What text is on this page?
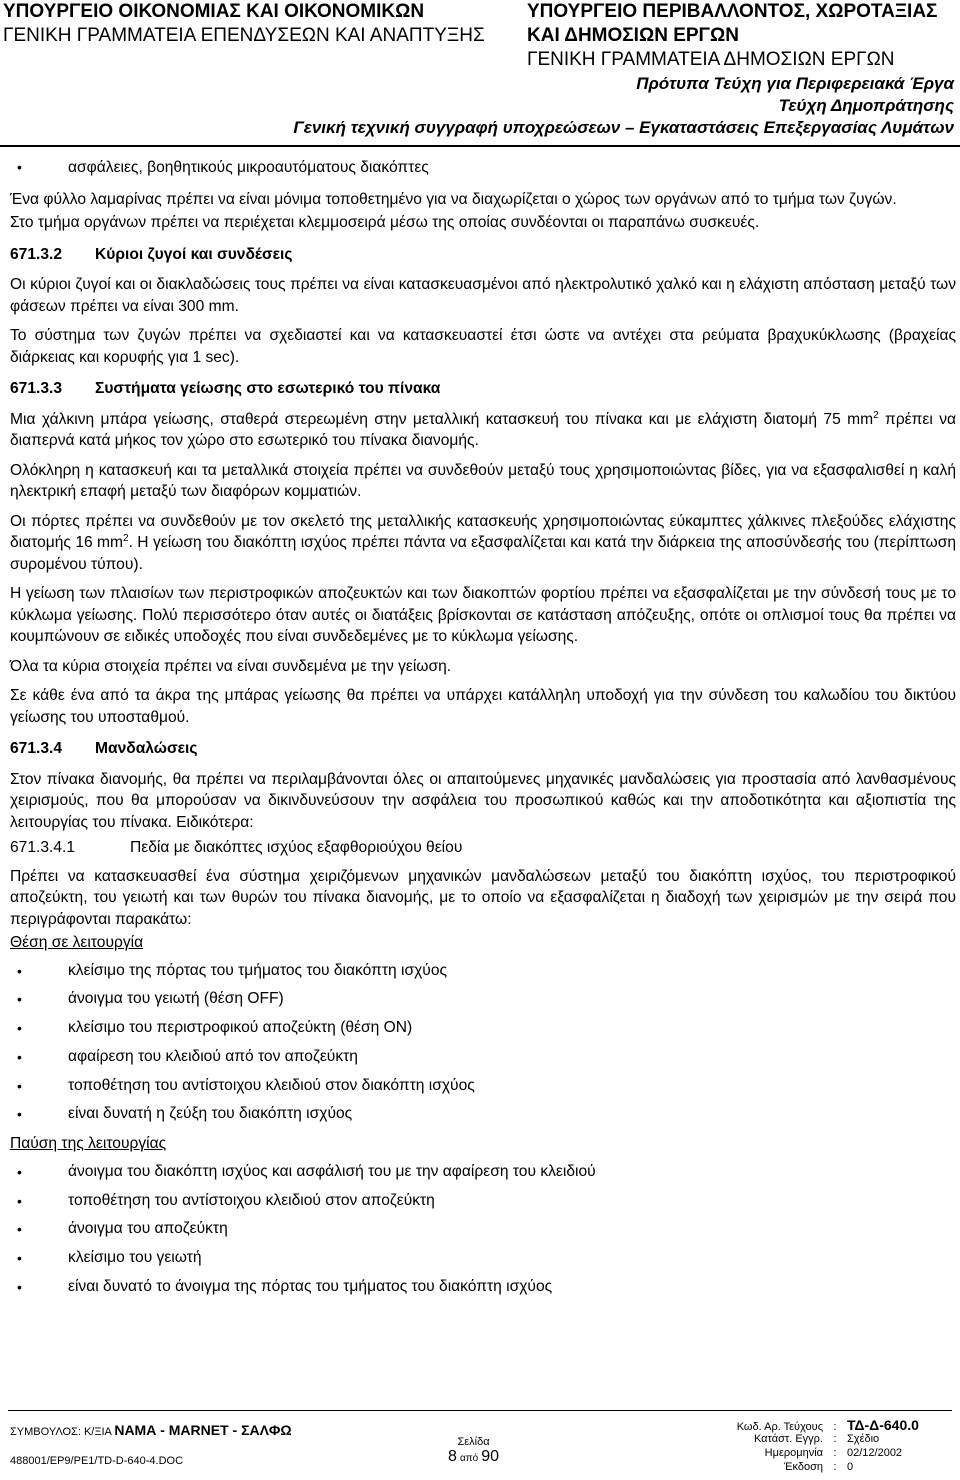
ΥΠΟΥΡΓΕΙΟ ΟΙΚΟΝΟΜΙΑΣ ΚΑΙ ΟΙΚΟΝΟΜΙΚΩΝ
ΓΕΝΙΚΗ ΓΡΑΜΜΑΤΕΙΑ ΕΠΕΝΔΥΣΕΩΝ ΚΑΙ ΑΝΑΠΤΥΞΗΣ
ΥΠΟΥΡΓΕΙΟ ΠΕΡΙΒΑΛΛΟΝΤΟΣ, ΧΩΡΟΤΑΞΙΑΣ
ΚΑΙ ΔΗΜΟΣΙΩΝ ΕΡΓΩΝ
ΓΕΝΙΚΗ ΓΡΑΜΜΑΤΕΙΑ ΔΗΜΟΣΙΩΝ ΕΡΓΩΝ
Πρότυπα Τεύχη για Περιφερειακά Έργα
Τεύχη Δημοπράτησης
Γενική τεχνική συγγραφή υποχρεώσεων – Εγκαταστάσεις Επεξεργασίας Λυμάτων
•	ασφάλειες, βοηθητικούς μικροαυτόματους διακόπτες

Ένα φύλλο λαμαρίνας πρέπει να είναι μόνιμα τοποθετημένο για να διαχωρίζεται ο χώρος των οργάνων από το τμήμα των ζυγών.

Στο τμήμα οργάνων πρέπει να περιέχεται κλεμμοσειρά μέσω της οποίας συνδέονται οι παραπάνω συσκευές.

671.3.2	Κύριοι ζυγοί και συνδέσεις

Οι κύριοι ζυγοί και οι διακλαδώσεις τους πρέπει να είναι κατασκευασμένοι από ηλεκτρολυτικό χαλκό και η ελάχιστη απόσταση μεταξύ των φάσεων πρέπει να είναι 300 mm.

Το σύστημα των ζυγών πρέπει να σχεδιαστεί και να κατασκευαστεί έτσι ώστε να αντέχει στα ρεύματα βραχυκύκλωσης (βραχείας διάρκειας και κορυφής για 1 sec).

671.3.3	Συστήματα γείωσης στο εσωτερικό του πίνακα

Μια χάλκινη μπάρα γείωσης, σταθερά στερεωμένη στην μεταλλική κατασκευή του πίνακα και με ελάχιστη διατομή 75 $mm^2$ πρέπει να διαπερνά κατά μήκος τον χώρο στο εσωτερικό του πίνακα διανομής.

Ολόκληρη η κατασκευή και τα μεταλλικά στοιχεία πρέπει να συνδεθούν μεταξύ τους χρησιμοποιώντας βίδες, για να εξασφαλισθεί η καλή ηλεκτρική επαφή μεταξύ των διαφόρων κομματιών.

Οι πόρτες πρέπει να συνδεθούν με τον σκελετό της μεταλλικής κατασκευής χρησιμοποιώντας εύκαμπτες χάλκινες πλεξούδες ελάχιστης διατομής 16 $mm^2$. Η γείωση του διακόπτη ισχύος πρέπει πάντα να εξασφαλίζεται και κατά την διάρκεια της αποσύνδεσής του (περίπτωση συρομένου τύπου).

Η γείωση των πλαισίων των περιστροφικών αποζευκτών και των διακοπτών φορτίου πρέπει να εξασφαλίζεται με την σύνδεσή τους με το κύκλωμα γείωσης. Πολύ περισσότερο όταν αυτές οι διατάξεις βρίσκονται σε κατάσταση απόζευξης, οπότε οι οπλισμοί τους θα πρέπει να κουμπώνουν σε ειδικές υποδοχές που είναι συνδεδεμένες με το κύκλωμα γείωσης.

Όλα τα κύρια στοιχεία πρέπει να είναι συνδεμένα με την γείωση.

Σε κάθε ένα από τα άκρα της μπάρας γείωσης θα πρέπει να υπάρχει κατάλληλη υποδοχή για την σύνδεση του καλωδίου του δικτύου γείωσης του υποσταθμού.

671.3.4	Μανδαλώσεις

Στον πίνακα διανομής, θα πρέπει να περιλαμβάνονται όλες οι απαιτούμενες μηχανικές μανδαλώσεις για προστασία από λανθασμένους χειρισμούς, που θα μπορούσαν να δικινδυνεύσουν την ασφάλεια του προσωπικού καθώς και την αποδοτικότητα και αξιοπιστία της λειτουργίας του πίνακα. Ειδικότερα:

671.3.4.1	Πεδία με διακόπτες ισχύος εξαφθοριούχου θείου

Πρέπει να κατασκευασθεί ένα σύστημα χειριζόμενων μηχανικών μανδαλώσεων μεταξύ του διακόπτη ισχύος, του περιστροφικού αποζεύκτη, του γειωτή και των θυρών του πίνακα διανομής, με το οποίο να εξασφαλίζεται η διαδοχή των χειρισμών με την σειρά που περιγράφονται παρακάτω:

Θέση σε λειτουργία
•	κλείσιμο της πόρτας του τμήματος του διακόπτη ισχύος
•	άνοιγμα του γειωτή (θέση OFF)
•	κλείσιμο του περιστροφικού αποζεύκτη (θέση ON)
•	αφαίρεση του κλειδιού από τον αποζεύκτη
•	τοποθέτηση του αντίστοιχου κλειδιού στον διακόπτη ισχύος
•	είναι δυνατή η ζεύξη του διακόπτη ισχύος
Παύση της λειτουργίας
•	άνοιγμα του διακόπτη ισχύος και ασφάλισή του με την αφαίρεση του κλειδιού
•	τοποθέτηση του αντίστοιχου κλειδιού στον αποζεύκτη
•	άνοιγμα του αποζεύκτη
•	κλείσιμο του γειωτή
•	είναι δυνατό το άνοιγμα της πόρτας του τμήματος του διακόπτη ισχύος
ΣΥΜΒΟΥΛΟΣ: Κ/ΞΙΑ ΝΑΜΑ - ΜΑRΝΕΤ - ΣΑΛΦΩ
488001/ΕΡ9/ΡΕ1/TD-D-640-4.DOC
Σελίδα
8 από 90
Κωδ. Αρ. Τεύχους : ΤΔ-Δ-640.0
Κατάστ. Εγγρ. : Σχέδιο
Ημερομηνία : 02/12/2002
Έκδοση : 0
